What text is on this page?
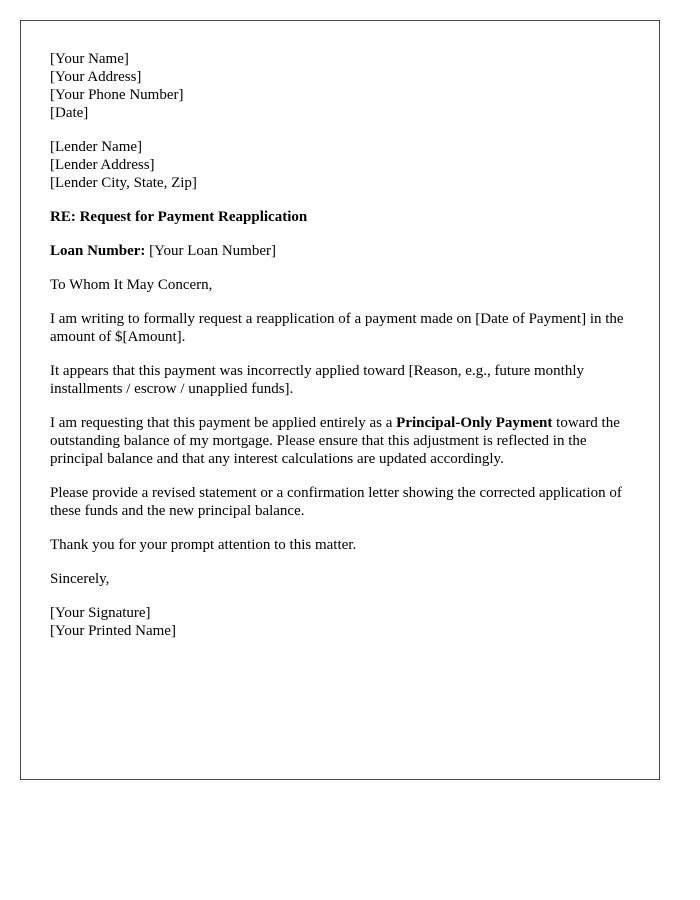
[Your Name]
[Your Address]
[Your Phone Number]
[Date]
[Lender Name]
[Lender Address]
[Lender City, State, Zip]

RE: Request for Payment Reapplication

Loan Number: [Your Loan Number]

To Whom It May Concern,

I am writing to formally request a reapplication of a payment made on [Date of Payment] in the amount of $[Amount].

It appears that this payment was incorrectly applied toward [Reason, e.g., future monthly installments / escrow / unapplied funds].

I am requesting that this payment be applied entirely as a Principal-Only Payment toward the outstanding balance of my mortgage. Please ensure that this adjustment is reflected in the principal balance and that any interest calculations are updated accordingly.

Please provide a revised statement or a confirmation letter showing the corrected application of these funds and the new principal balance.

Thank you for your prompt attention to this matter.

Sincerely,

[Your Signature]
[Your Printed Name]
